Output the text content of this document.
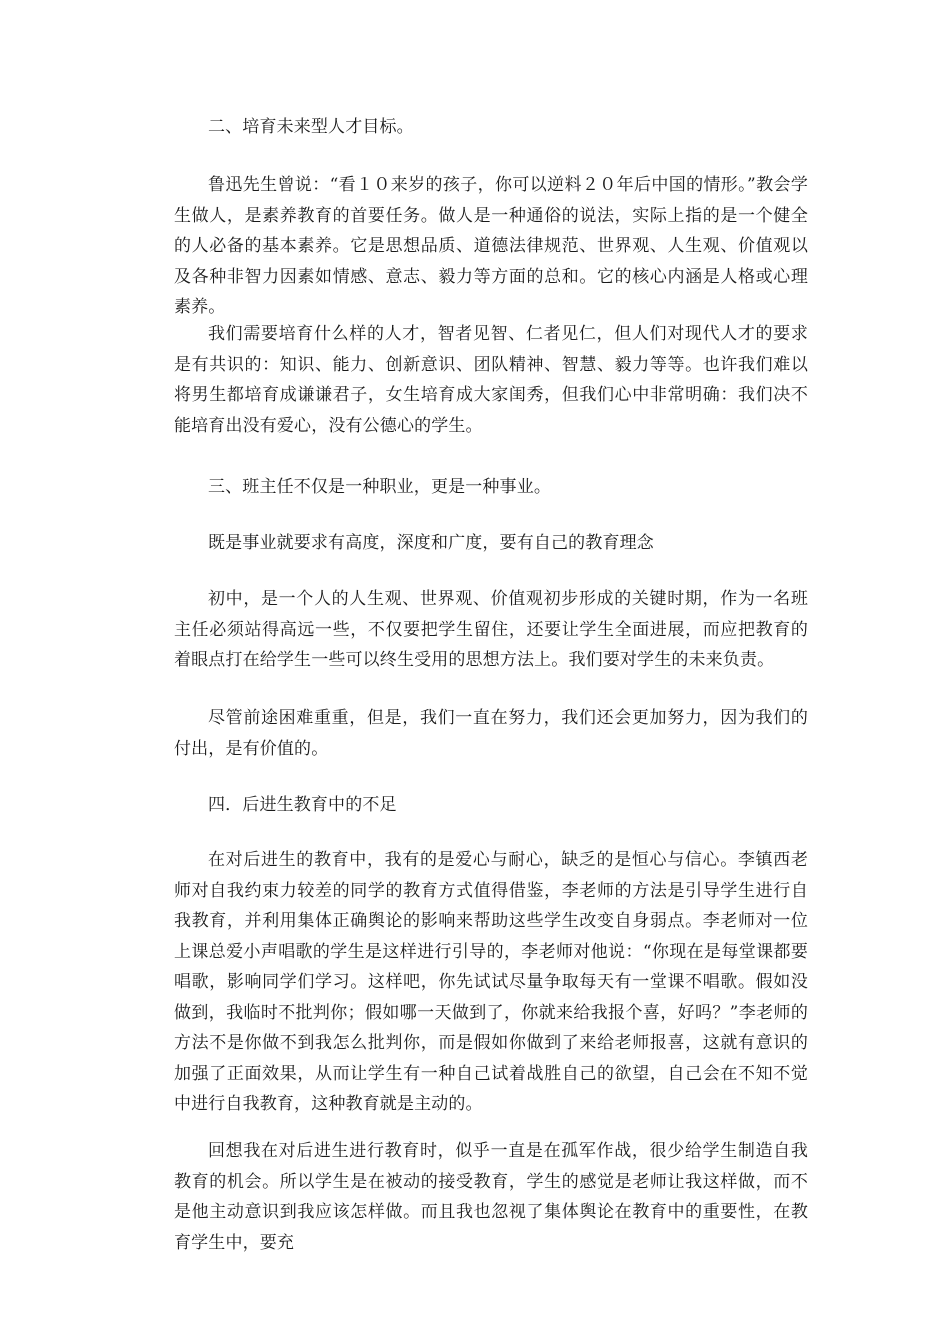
二、培育未来型人才目标。

鲁迅先生曾说：“看１０来岁的孩子，你可以逆料２０年后中国的情形。”教会学生做人，是素养教育的首要任务。做人是一种通俗的说法，实际上指的是一个健全的人必备的基本素养。它是思想品质、道德法律规范、世界观、人生观、价值观以及各种非智力因素如情感、意志、毅力等方面的总和。它的核心内涵是人格或心理素养。

我们需要培育什么样的人才，智者见智、仁者见仁，但人们对现代人才的要求是有共识的：知识、能力、创新意识、团队精神、智慧、毅力等等。也许我们难以将男生都培育成谦谦君子，女生培育成大家闺秀，但我们心中非常明确：我们决不能培育出没有爱心，没有公德心的学生。

三、班主任不仅是一种职业，更是一种事业。

既是事业就要求有高度，深度和广度，要有自己的教育理念

初中，是一个人的人生观、世界观、价值观初步形成的关键时期，作为一名班主任必须站得高远一些，不仅要把学生留住，还要让学生全面进展，而应把教育的着眼点打在给学生一些可以终生受用的思想方法上。我们要对学生的未来负责。

尽管前途困难重重，但是，我们一直在努力，我们还会更加努力，因为我们的付出，是有价值的。

四．后进生教育中的不足

在对后进生的教育中，我有的是爱心与耐心，缺乏的是恒心与信心。李镇西老师对自我约束力较差的同学的教育方式值得借鉴，李老师的方法是引导学生进行自我教育，并利用集体正确舆论的影响来帮助这些学生改变自身弱点。李老师对一位上课总爱小声唱歌的学生是这样进行引导的，李老师对他说：“你现在是每堂课都要唱歌，影响同学们学习。这样吧，你先试试尽量争取每天有一堂课不唱歌。假如没做到，我临时不批判你；假如哪一天做到了，你就来给我报个喜，好吗？”李老师的方法不是你做不到我怎么批判你，而是假如你做到了来给老师报喜，这就有意识的加强了正面效果，从而让学生有一种自己试着战胜自己的欲望，自己会在不知不觉中进行自我教育，这种教育就是主动的。

回想我在对后进生进行教育时，似乎一直是在孤军作战，很少给学生制造自我教育的机会。所以学生是在被动的接受教育，学生的感觉是老师让我这样做，而不是他主动意识到我应该怎样做。而且我也忽视了集体舆论在教育中的重要性，在教育学生中，要充
